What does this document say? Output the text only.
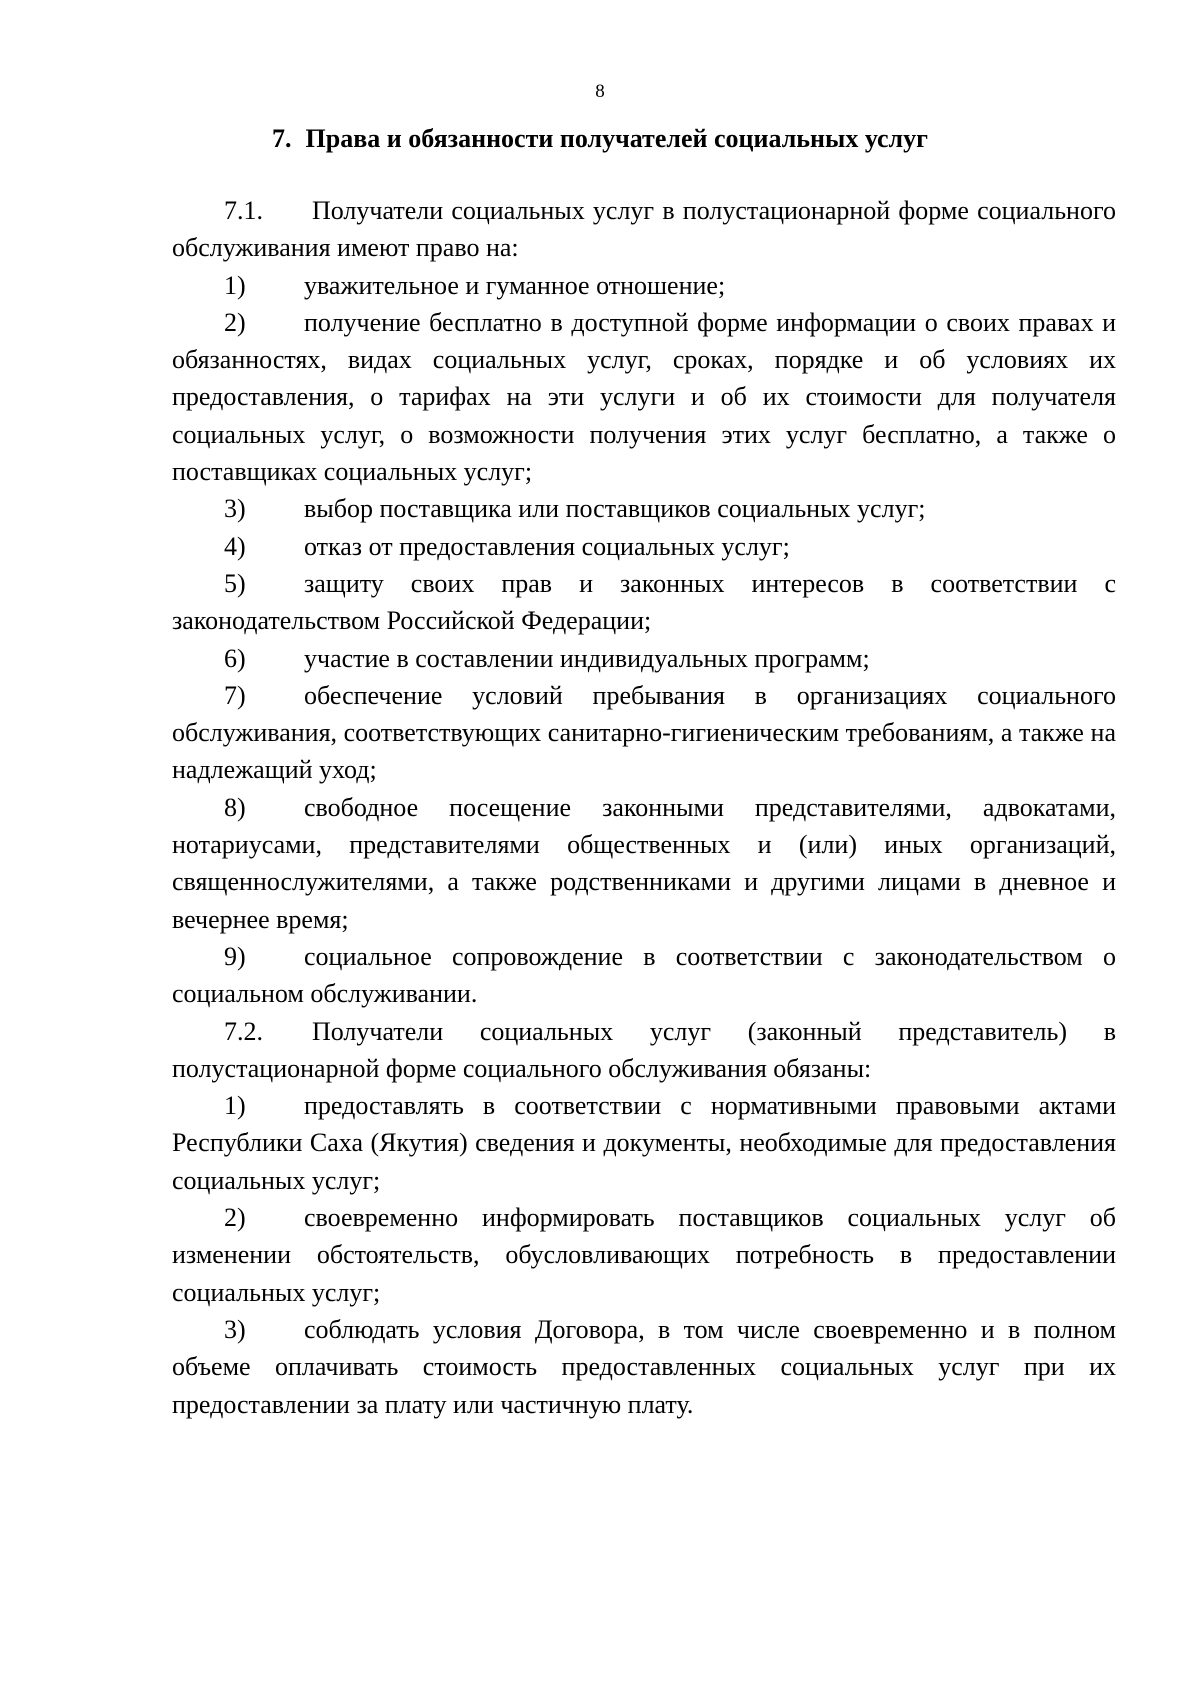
8
7. Права и обязанности получателей социальных услуг

7.1. Получатели социальных услуг в полустационарной форме социального обслуживания имеют право на:

1) уважительное и гуманное отношение;

2) получение бесплатно в доступной форме информации о своих правах и обязанностях, видах социальных услуг, сроках, порядке и об условиях их предоставления, о тарифах на эти услуги и об их стоимости для получателя социальных услуг, о возможности получения этих услуг бесплатно, а также о поставщиках социальных услуг;

3) выбор поставщика или поставщиков социальных услуг;

4) отказ от предоставления социальных услуг;

5) защиту своих прав и законных интересов в соответствии с законодательством Российской Федерации;

6) участие в составлении индивидуальных программ;

7) обеспечение условий пребывания в организациях социального обслуживания, соответствующих санитарно-гигиеническим требованиям, а также на надлежащий уход;

8) свободное посещение законными представителями, адвокатами, нотариусами, представителями общественных и (или) иных организаций, священнослужителями, а также родственниками и другими лицами в дневное и вечернее время;

9) социальное сопровождение в соответствии с законодательством о социальном обслуживании.

7.2. Получатели социальных услуг (законный представитель) в полустационарной форме социального обслуживания обязаны:

1) предоставлять в соответствии с нормативными правовыми актами Республики Саха (Якутия) сведения и документы, необходимые для предоставления социальных услуг;

2) своевременно информировать поставщиков социальных услуг об изменении обстоятельств, обусловливающих потребность в предоставлении социальных услуг;

3) соблюдать условия Договора, в том числе своевременно и в полном объеме оплачивать стоимость предоставленных социальных услуг при их предоставлении за плату или частичную плату.
